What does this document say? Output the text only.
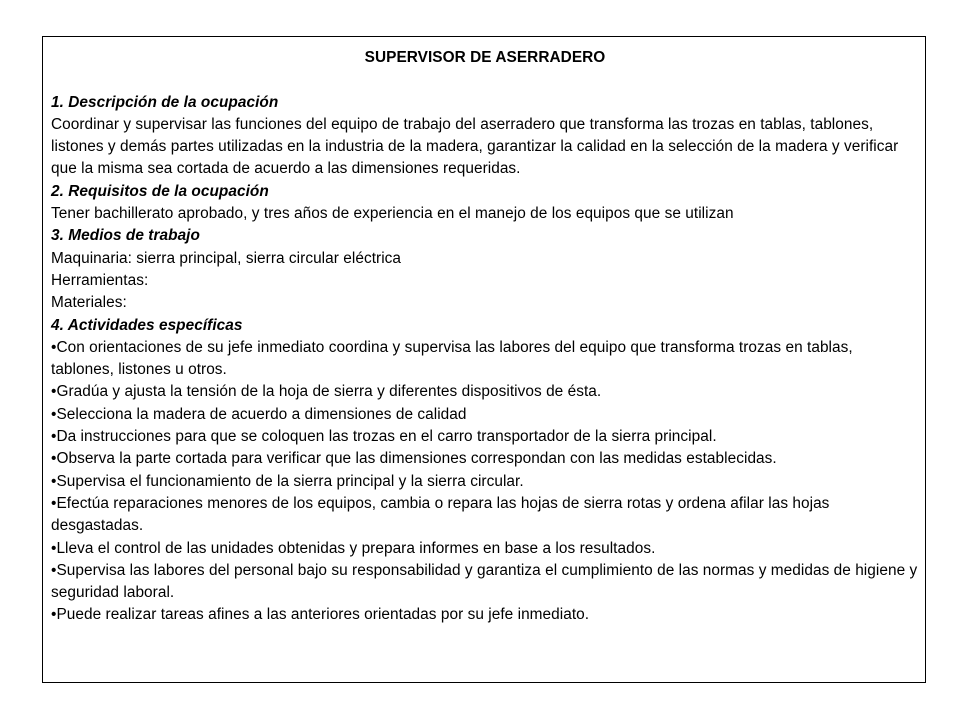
SUPERVISOR DE ASERRADERO
1. Descripción de la ocupación

Coordinar y supervisar las funciones del equipo de trabajo del aserradero que transforma las trozas en tablas, tablones, listones y demás partes utilizadas en la industria de la madera, garantizar la calidad en la selección de la madera y verificar que la misma sea cortada de acuerdo a las dimensiones requeridas.

2. Requisitos de la ocupación

Tener bachillerato aprobado, y tres años de experiencia en el manejo de los equipos que se utilizan

3. Medios de trabajo

Maquinaria: sierra principal, sierra circular eléctrica

Herramientas:

Materiales:

4. Actividades específicas

•Con orientaciones de su jefe inmediato coordina y supervisa las labores del equipo que transforma trozas en tablas, tablones, listones u otros.

•Gradúa y ajusta la tensión de la hoja de sierra y diferentes dispositivos de ésta.

•Selecciona la madera de acuerdo a dimensiones de calidad

•Da instrucciones para que se coloquen las trozas en el carro transportador de la sierra principal.

•Observa la parte cortada para verificar que las dimensiones correspondan con las medidas establecidas.

•Supervisa el funcionamiento de la sierra principal y la sierra circular.

•Efectúa reparaciones menores de los equipos, cambia o repara las hojas de sierra rotas y ordena afilar las hojas desgastadas.

•Lleva el control de las unidades obtenidas y prepara informes en base a los resultados.

•Supervisa las labores del personal bajo su responsabilidad y garantiza el cumplimiento de las normas y medidas de higiene y seguridad laboral.

•Puede realizar tareas afines a las anteriores orientadas por su jefe inmediato.
